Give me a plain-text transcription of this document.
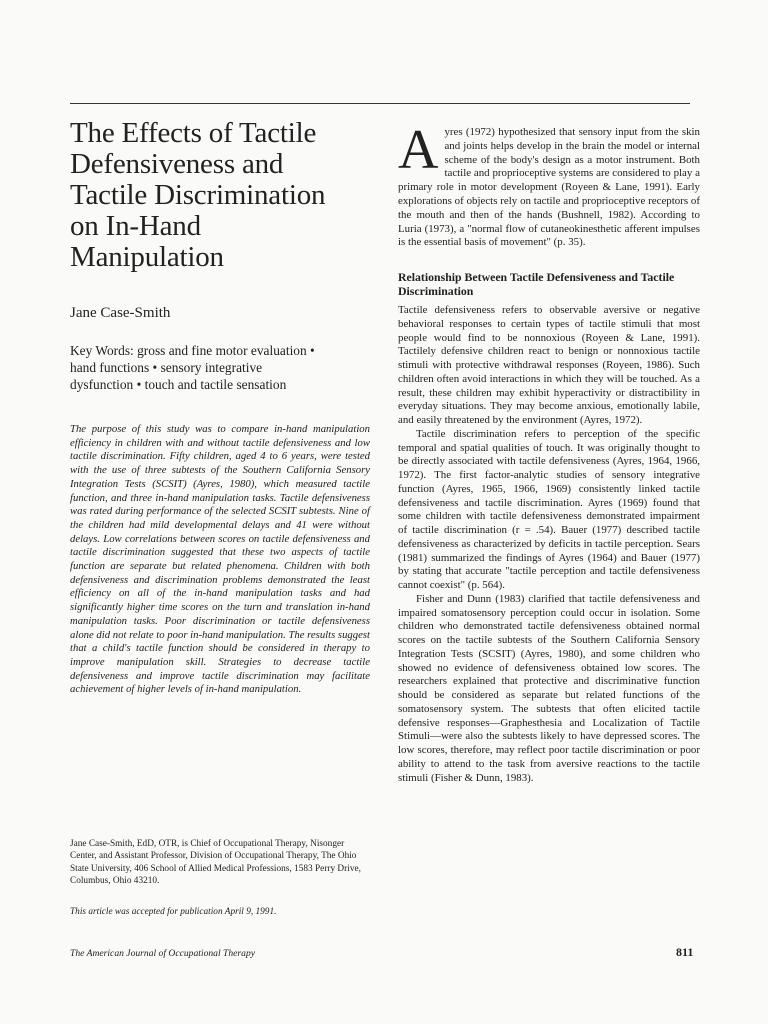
The Effects of Tactile
Defensiveness and
Tactile Discrimination
on In-Hand
Manipulation
Jane Case-Smith
Key Words: gross and fine motor evaluation •
hand functions • sensory integrative
dysfunction • touch and tactile sensation
The purpose of this study was to compare in-hand manipulation efficiency in children with and without tactile defensiveness and low tactile discrimination. Fifty children, aged 4 to 6 years, were tested with the use of three subtests of the Southern California Sensory Integration Tests (SCSIT) (Ayres, 1980), which measured tactile function, and three in-hand manipulation tasks. Tactile defensiveness was rated during performance of the selected SCSIT subtests. Nine of the children had mild developmental delays and 41 were without delays. Low correlations between scores on tactile defensiveness and tactile discrimination suggested that these two aspects of tactile function are separate but related phenomena. Children with both defensiveness and discrimination problems demonstrated the least efficiency on all of the in-hand manipulation tasks and had significantly higher time scores on the turn and translation in-hand manipulation tasks. Poor discrimination or tactile defensiveness alone did not relate to poor in-hand manipulation. The results suggest that a child's tactile function should be considered in therapy to improve manipulation skill. Strategies to decrease tactile defensiveness and improve tactile discrimination may facilitate achievement of higher levels of in-hand manipulation.
Jane Case-Smith, EdD, OTR, is Chief of Occupational Therapy, Nisonger Center, and Assistant Professor, Division of Occupational Therapy, The Ohio State University, 406 School of Allied Medical Professions, 1583 Perry Drive, Columbus, Ohio 43210.
This article was accepted for publication April 9, 1991.
Ayres (1972) hypothesized that sensory input from the skin and joints helps develop in the brain the model or internal scheme of the body's design as a motor instrument. Both tactile and proprioceptive systems are considered to play a primary role in motor development (Royeen & Lane, 1991). Early explorations of objects rely on tactile and proprioceptive receptors of the mouth and then of the hands (Bushnell, 1982). According to Luria (1973), a "normal flow of cutaneokinesthetic afferent impulses is the essential basis of movement" (p. 35).
Relationship Between Tactile Defensiveness and Tactile Discrimination

Tactile defensiveness refers to observable aversive or negative behavioral responses to certain types of tactile stimuli that most people would find to be nonnoxious (Royeen & Lane, 1991). Tactilely defensive children react to benign or nonnoxious tactile stimuli with protective withdrawal responses (Royeen, 1986). Such children often avoid interactions in which they will be touched. As a result, these children may exhibit hyperactivity or distractibility in everyday situations. They may become anxious, emotionally labile, and easily threatened by the environment (Ayres, 1972).

Tactile discrimination refers to perception of the specific temporal and spatial qualities of touch. It was originally thought to be directly associated with tactile defensiveness (Ayres, 1964, 1966, 1972). The first factor-analytic studies of sensory integrative function (Ayres, 1965, 1966, 1969) consistently linked tactile defensiveness and tactile discrimination. Ayres (1969) found that some children with tactile defensiveness demonstrated impairment of tactile discrimination (r = .54). Bauer (1977) described tactile defensiveness as characterized by deficits in tactile perception. Sears (1981) summarized the findings of Ayres (1964) and Bauer (1977) by stating that accurate "tactile perception and tactile defensiveness cannot coexist" (p. 564).

Fisher and Dunn (1983) clarified that tactile defensiveness and impaired somatosensory perception could occur in isolation. Some children who demonstrated tactile defensiveness obtained normal scores on the tactile subtests of the Southern California Sensory Integration Tests (SCSIT) (Ayres, 1980), and some children who showed no evidence of defensiveness obtained low scores. The researchers explained that protective and discriminative function should be considered as separate but related functions of the somatosensory system. The subtests that often elicited tactile defensive responses—Graphesthesia and Localization of Tactile Stimuli—were also the subtests likely to have depressed scores. The low scores, therefore, may reflect poor tactile discrimination or poor ability to attend to the task from aversive reactions to the tactile stimuli (Fisher & Dunn, 1983).

The American Journal of Occupational Therapy	811
